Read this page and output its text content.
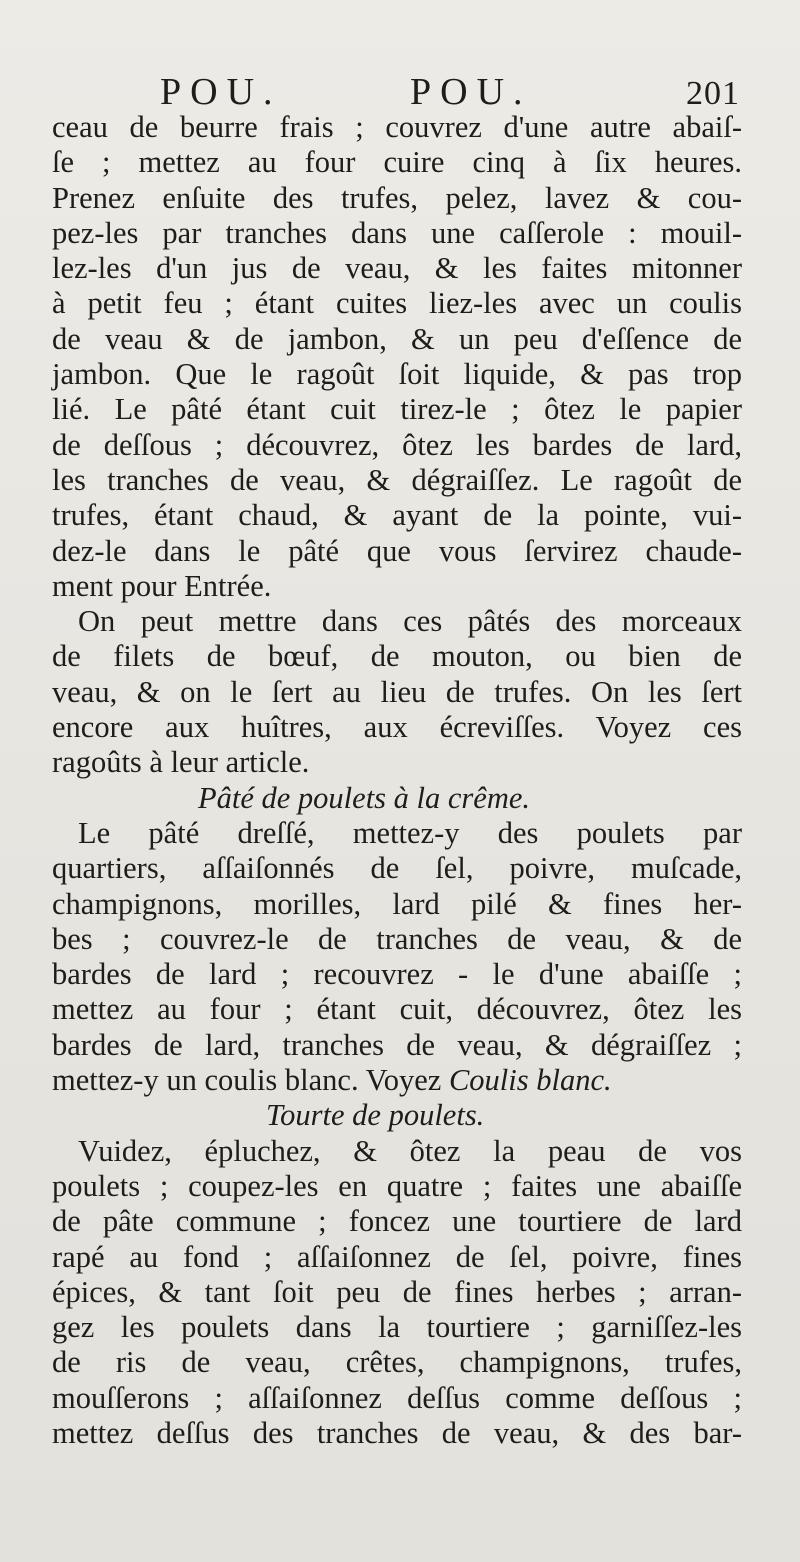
POU.	POU.	201
ceau de beurre frais ; couvrez d'une autre abaiſ-
ſe ; mettez au four cuire cinq à ſix heures.
Prenez enſuite des trufes, pelez, lavez & cou-
pez-les par tranches dans une caſſerole : mouil-
lez-les d'un jus de veau, & les faites mitonner
à petit feu ; étant cuites liez-les avec un coulis
de veau & de jambon, & un peu d'eſſence de
jambon. Que le ragoût ſoit liquide, & pas trop
lié. Le pâté étant cuit tirez-le ; ôtez le papier
de deſſous ; découvrez, ôtez les bardes de lard,
les tranches de veau, & dégraiſſez. Le ragoût de
trufes, étant chaud, & ayant de la pointe, vui-
dez-le dans le pâté que vous ſervirez chaude-
ment pour Entrée.
On peut mettre dans ces pâtés des morceaux
de filets de bœuf, de mouton, ou bien de
veau, & on le ſert au lieu de trufes. On les ſert
encore aux huîtres, aux écreviſſes. Voyez ces
ragoûts à leur article.
Pâté de poulets à la crême.
Le pâté dreſſé, mettez-y des poulets par
quartiers, aſſaiſonnés de ſel, poivre, muſcade,
champignons, morilles, lard pilé & fines her-
bes ; couvrez-le de tranches de veau, & de
bardes de lard ; recouvrez - le d'une abaiſſe ;
mettez au four ; étant cuit, découvrez, ôtez les
bardes de lard, tranches de veau, & dégraiſſez ;
mettez-y un coulis blanc. Voyez Coulis blanc.
Tourte de poulets.
Vuidez, épluchez, & ôtez la peau de vos
poulets ; coupez-les en quatre ; faites une abaiſſe
de pâte commune ; foncez une tourtiere de lard
rapé au fond ; aſſaiſonnez de ſel, poivre, fines
épices, & tant ſoit peu de fines herbes ; arran-
gez les poulets dans la tourtiere ; garniſſez-les
de ris de veau, crêtes, champignons, trufes,
mouſſerons ; aſſaiſonnez deſſus comme deſſous ;
mettez deſſus des tranches de veau, & des bar-
